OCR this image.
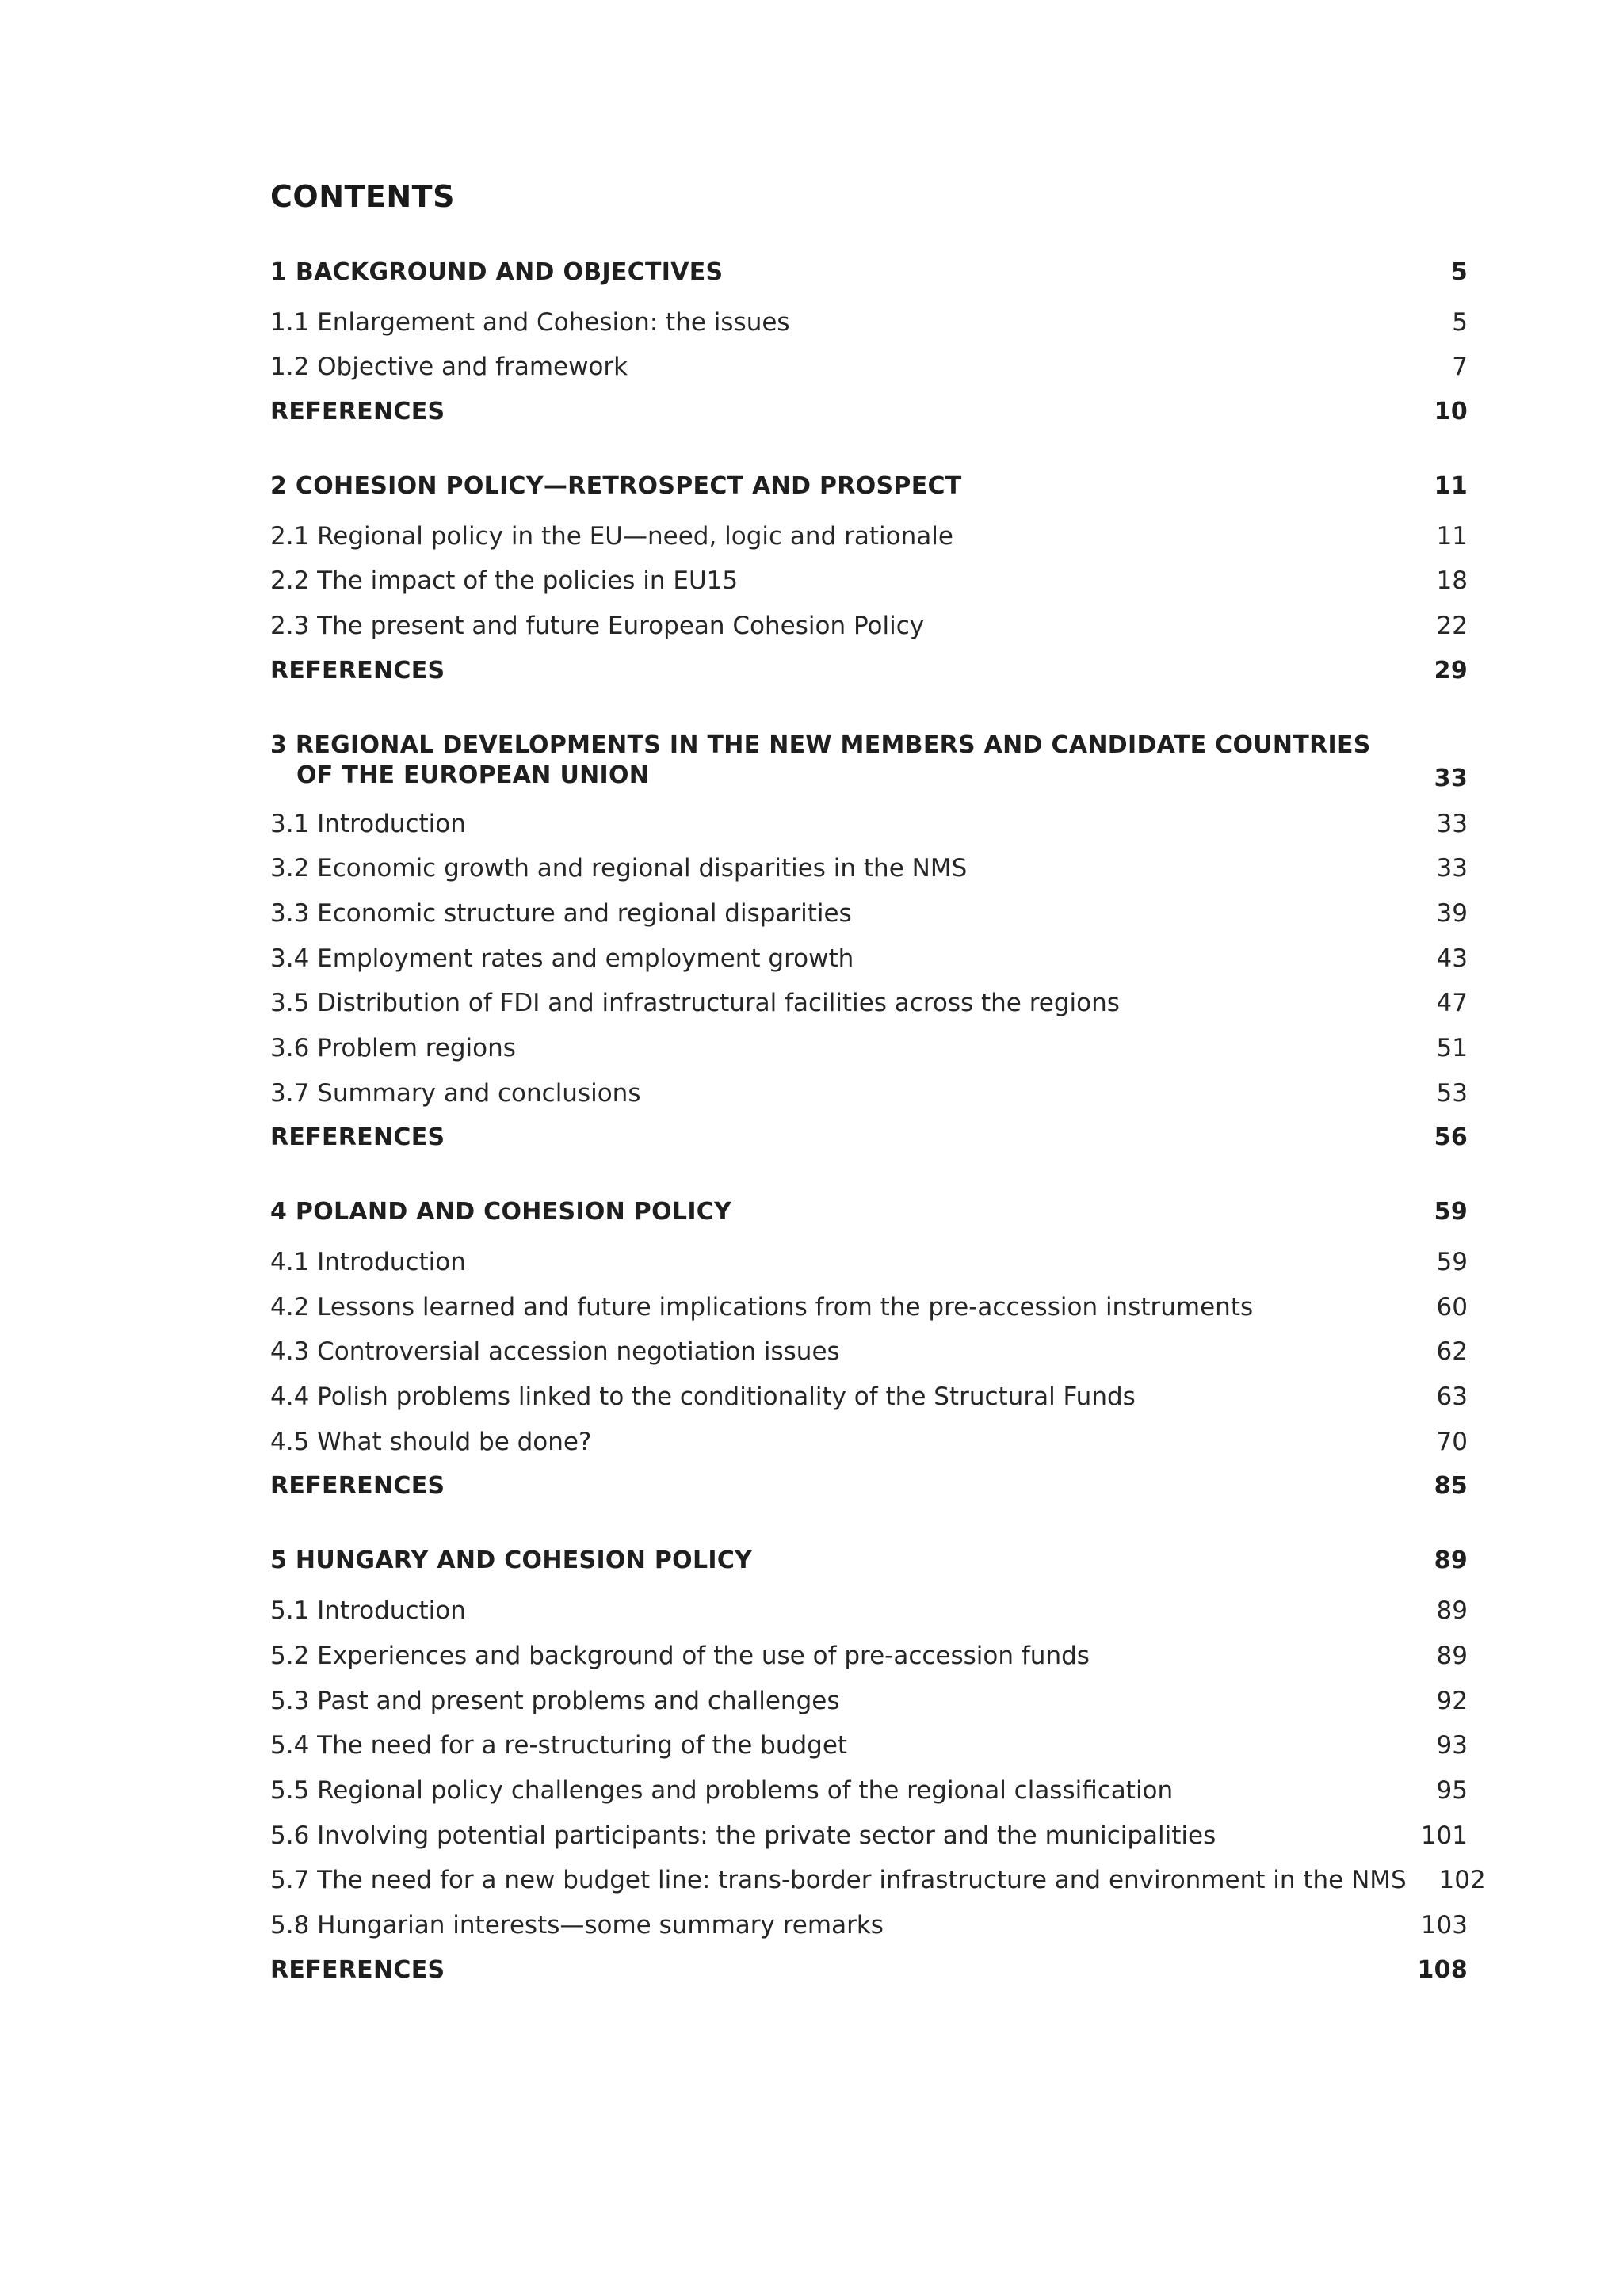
CONTENTS
1 BACKGROUND AND OBJECTIVES	5
1.1 Enlargement and Cohesion: the issues	5
1.2 Objective and framework	7
REFERENCES	10
2 COHESION POLICY—RETROSPECT AND PROSPECT	11
2.1 Regional policy in the EU—need, logic and rationale	11
2.2 The impact of the policies in EU15	18
2.3 The present and future European Cohesion Policy	22
REFERENCES	29
3 REGIONAL DEVELOPMENTS IN THE NEW MEMBERS AND CANDIDATE COUNTRIES
OF THE EUROPEAN UNION	33
3.1 Introduction	33
3.2 Economic growth and regional disparities in the NMS	33
3.3 Economic structure and regional disparities	39
3.4 Employment rates and employment growth	43
3.5 Distribution of FDI and infrastructural facilities across the regions	47
3.6 Problem regions	51
3.7 Summary and conclusions	53
REFERENCES	56
4 POLAND AND COHESION POLICY	59
4.1 Introduction	59
4.2 Lessons learned and future implications from the pre-accession instruments	60
4.3 Controversial accession negotiation issues	62
4.4 Polish problems linked to the conditionality of the Structural Funds	63
4.5 What should be done?	70
REFERENCES	85
5 HUNGARY AND COHESION POLICY	89
5.1 Introduction	89
5.2 Experiences and background of the use of pre-accession funds	89
5.3 Past and present problems and challenges	92
5.4 The need for a re-structuring of the budget	93
5.5 Regional policy challenges and problems of the regional classification	95
5.6 Involving potential participants: the private sector and the municipalities	101
5.7 The need for a new budget line: trans-border infrastructure and environment in the NMS	102
5.8 Hungarian interests—some summary remarks	103
REFERENCES	108
